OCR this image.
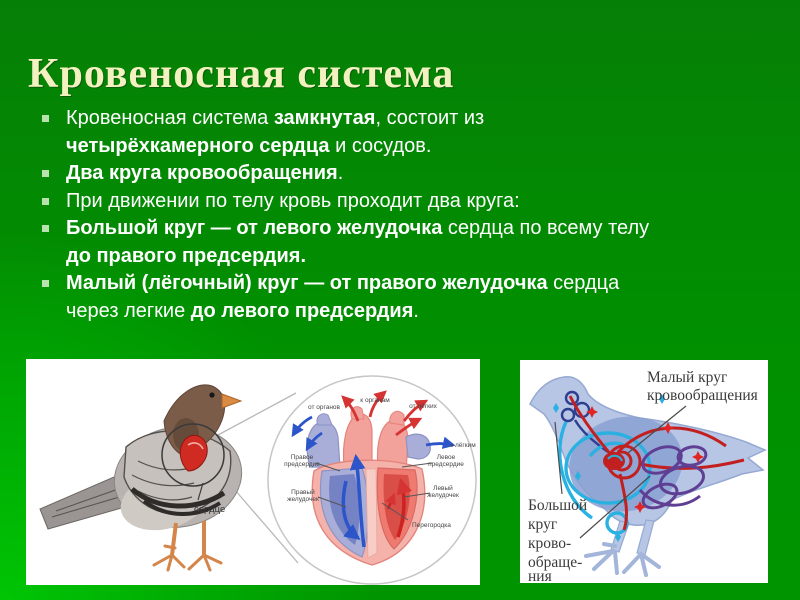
Кровеносная система
Кровеносная система замкнутая, состоит из четырёхкамерного сердца и сосудов.
Два круга кровообращения.
При движении по телу кровь проходит два круга:
Большой круг — от левого желудочка сердца по всему телу до правого предсердия.
Малый (лёгочный) круг — от правого желудочка сердца через легкие до левого предсердия.
сердце
от органов
к органам
от лёгких
к лёгким
Правое
предсердие
Левое
предсердие
Правый
желудочек
Левый
желудочек
Перегородка
Малый круг
кровообращения
Большой
круг
крово-
обраще-
ния
